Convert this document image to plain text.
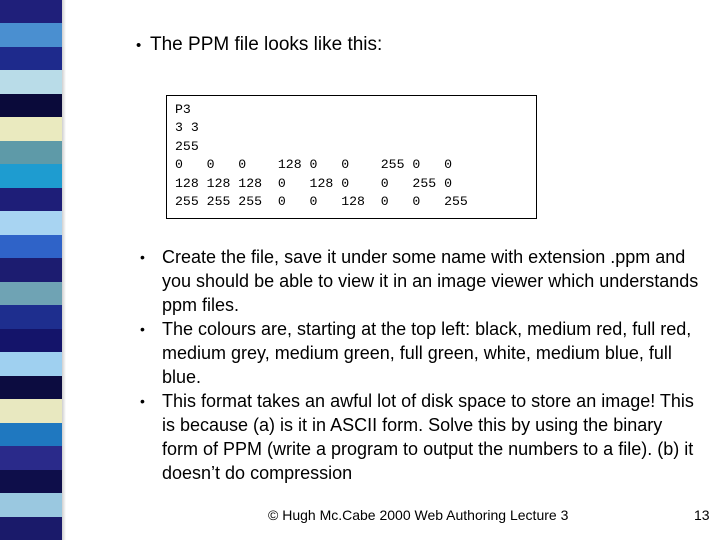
• The PPM file looks like this:
P3
3 3
255
0   0   0    128 0   0    255 0   0
128 128 128  0   128 0    0   255 0
255 255 255  0   0   128  0   0   255
• Create the file, save it under some name with extension .ppm and you should be able to view it in an image viewer which understands ppm files.
• The colours are, starting at the top left: black, medium red, full red, medium grey, medium green, full green, white, medium blue, full blue.
• This format takes an awful lot of disk space to store an image! This is because (a) is it in ASCII form. Solve this by using the binary form of PPM (write a program to output the numbers to a file). (b) it doesn’t do compression
© Hugh Mc.Cabe 2000 Web Authoring Lecture 3	13
